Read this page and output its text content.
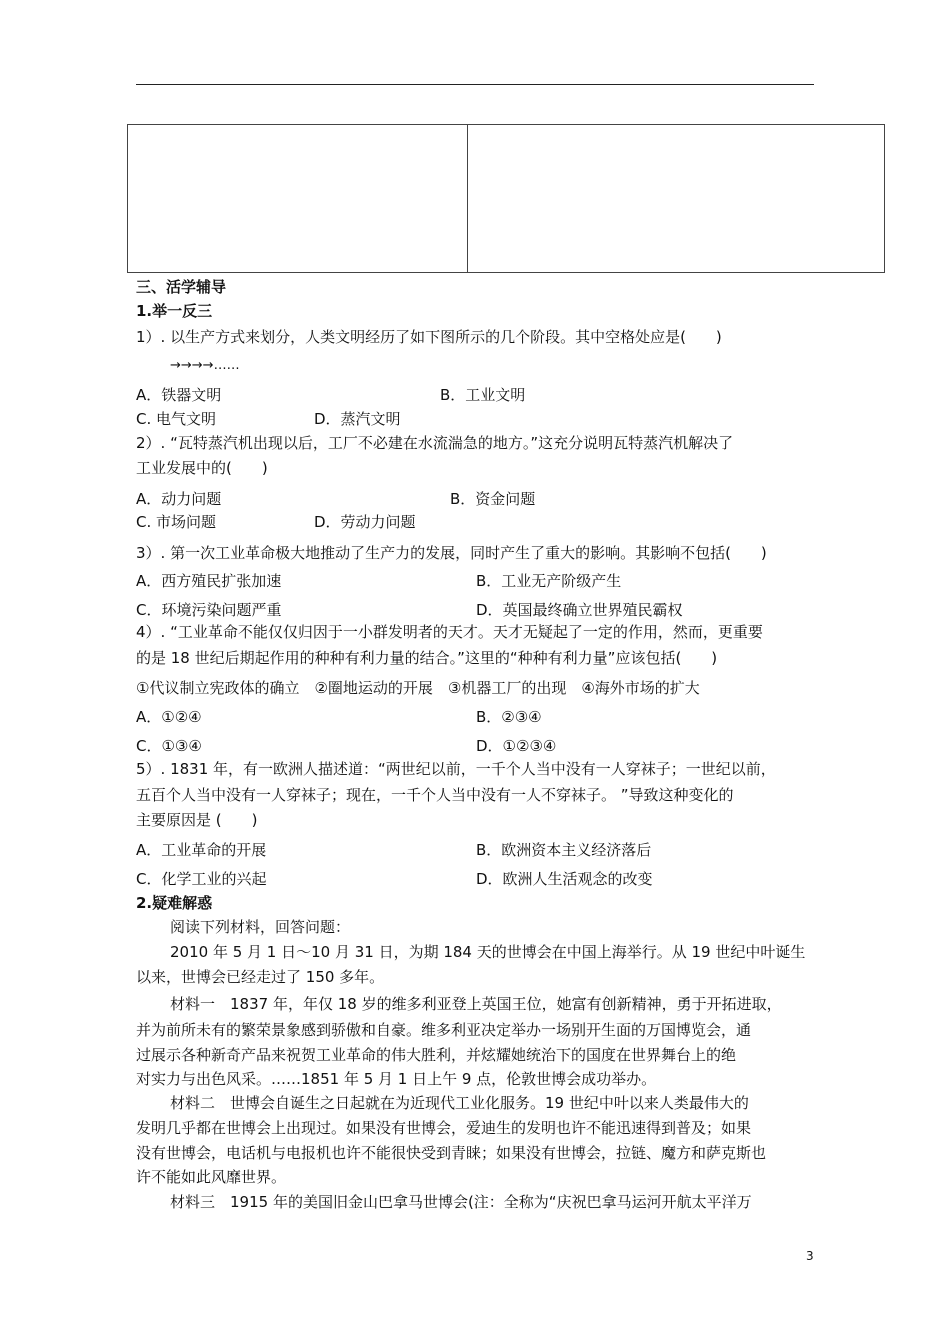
三、活学辅导
1.举一反三
1）. 以生产方式来划分，人类文明经历了如下图所示的几个阶段。其中空格处应是(　　)
→→→→……
A．铁器文明	B．工业文明
C. 电气文明	D．蒸汽文明
2）. “瓦特蒸汽机出现以后，工厂不必建在水流湍急的地方。”这充分说明瓦特蒸汽机解决了
工业发展中的(　　)
A．动力问题	B．资金问题
C. 市场问题	D．劳动力问题
3）. 第一次工业革命极大地推动了生产力的发展，同时产生了重大的影响。其影响不包括(　　)
A．西方殖民扩张加速	B．工业无产阶级产生
C．环境污染问题严重	D．英国最终确立世界殖民霸权
4）. “工业革命不能仅仅归因于一小群发明者的天才。天才无疑起了一定的作用，然而，更重要
的是 18 世纪后期起作用的种种有利力量的结合。”这里的“种种有利力量”应该包括(　　)
①代议制立宪政体的确立　②圈地运动的开展　③机器工厂的出现　④海外市场的扩大
A．①②④	B．②③④
C．①③④	D．①②③④
5）. 1831 年，有一欧洲人描述道：“两世纪以前，一千个人当中没有一人穿袜子；一世纪以前，
五百个人当中没有一人穿袜子；现在，一千个人当中没有一人不穿袜子。 ”导致这种变化的
主要原因是 (　　)
A．工业革命的开展	B．欧洲资本主义经济落后
C．化学工业的兴起	D．欧洲人生活观念的改变
2.疑难解惑
阅读下列材料，回答问题：
2010 年 5 月 1 日～10 月 31 日，为期 184 天的世博会在中国上海举行。从 19 世纪中叶诞生
以来，世博会已经走过了 150 多年。
材料一　1837 年，年仅 18 岁的维多利亚登上英国王位，她富有创新精神，勇于开拓进取，
并为前所未有的繁荣景象感到骄傲和自豪。维多利亚决定举办一场别开生面的万国博览会，通
过展示各种新奇产品来祝贺工业革命的伟大胜利，并炫耀她统治下的国度在世界舞台上的绝
对实力与出色风采。……1851 年 5 月 1 日上午 9 点，伦敦世博会成功举办。
材料二　世博会自诞生之日起就在为近现代工业化服务。19 世纪中叶以来人类最伟大的
发明几乎都在世博会上出现过。如果没有世博会，爱迪生的发明也许不能迅速得到普及；如果
没有世博会，电话机与电报机也许不能很快受到青睐；如果没有世博会，拉链、魔方和萨克斯也
许不能如此风靡世界。
材料三　1915 年的美国旧金山巴拿马世博会(注：全称为“庆祝巴拿马运河开航太平洋万
3
